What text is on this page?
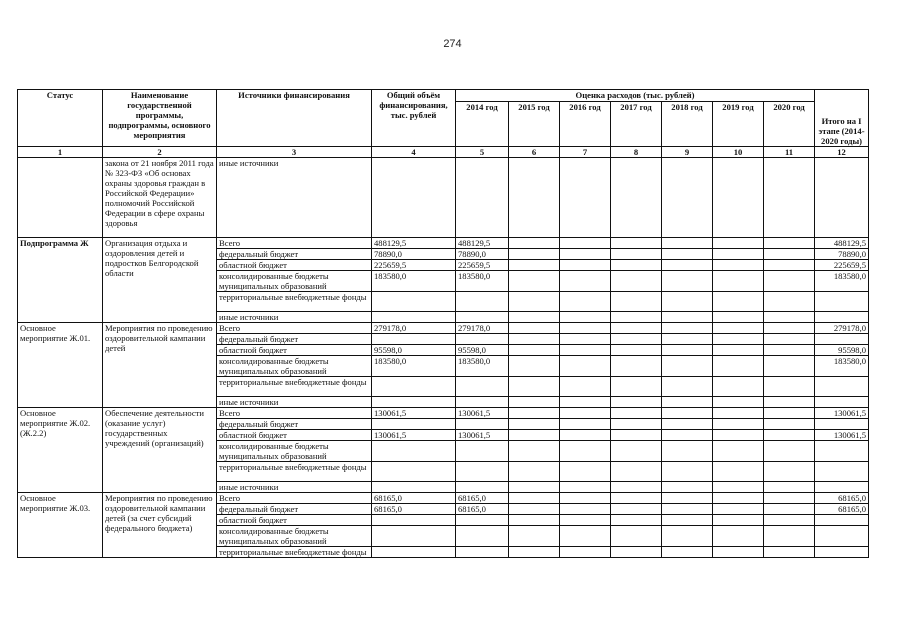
274
Статус	Наименование государственной программы, подпрограммы, основного мероприятия	Источники финансирования	Общий объём финансирования, тыс. рублей	Оценка расходов (тыс. рублей)							Итого на I этапе (2014-2020 годы)
				2014 год	2015 год	2016 год	2017 год	2018 год	2019 год	2020 год	
1	2	3	4	5	6	7	8	9	10	11	12
	закона от 21 ноября 2011 года № 323-ФЗ «Об основах охраны здоровья граждан в Российской Федерации» полномочий Российской Федерации в сфере охраны здоровья	иные источники									
Подпрограмма Ж	Организация отдыха и оздоровления детей и подростков Белгородской области	Всего	488129,5	488129,5							488129,5
		федеральный бюджет	78890,0	78890,0							78890,0
		областной бюджет	225659,5	225659,5							225659,5
		консолидированные бюджеты муниципальных образований	183580,0	183580,0							183580,0
		территориальные внебюджетные фонды									
		иные источники									
Основное мероприятие Ж.01.	Мероприятия по проведению оздоровительной кампании детей	Всего	279178,0	279178,0							279178,0
		федеральный бюджет									
		областной бюджет	95598,0	95598,0							95598,0
		консолидированные бюджеты муниципальных образований	183580,0	183580,0							183580,0
		территориальные внебюджетные фонды									
		иные источники									
Основное мероприятие Ж.02. (Ж.2.2)	Обеспечение деятельности (оказание услуг) государственных учреждений (организаций)	Всего	130061,5	130061,5							130061,5
		федеральный бюджет									
		областной бюджет	130061,5	130061,5							130061,5
		консолидированные бюджеты муниципальных образований									
		территориальные внебюджетные фонды									
		иные источники									
Основное мероприятие Ж.03.	Мероприятия по проведению оздоровительной кампании детей (за счет субсидий федерального бюджета)	Всего	68165,0	68165,0							68165,0
		федеральный бюджет	68165,0	68165,0							68165,0
		областной бюджет									
		консолидированные бюджеты муниципальных образований									
		территориальные внебюджетные фонды									
